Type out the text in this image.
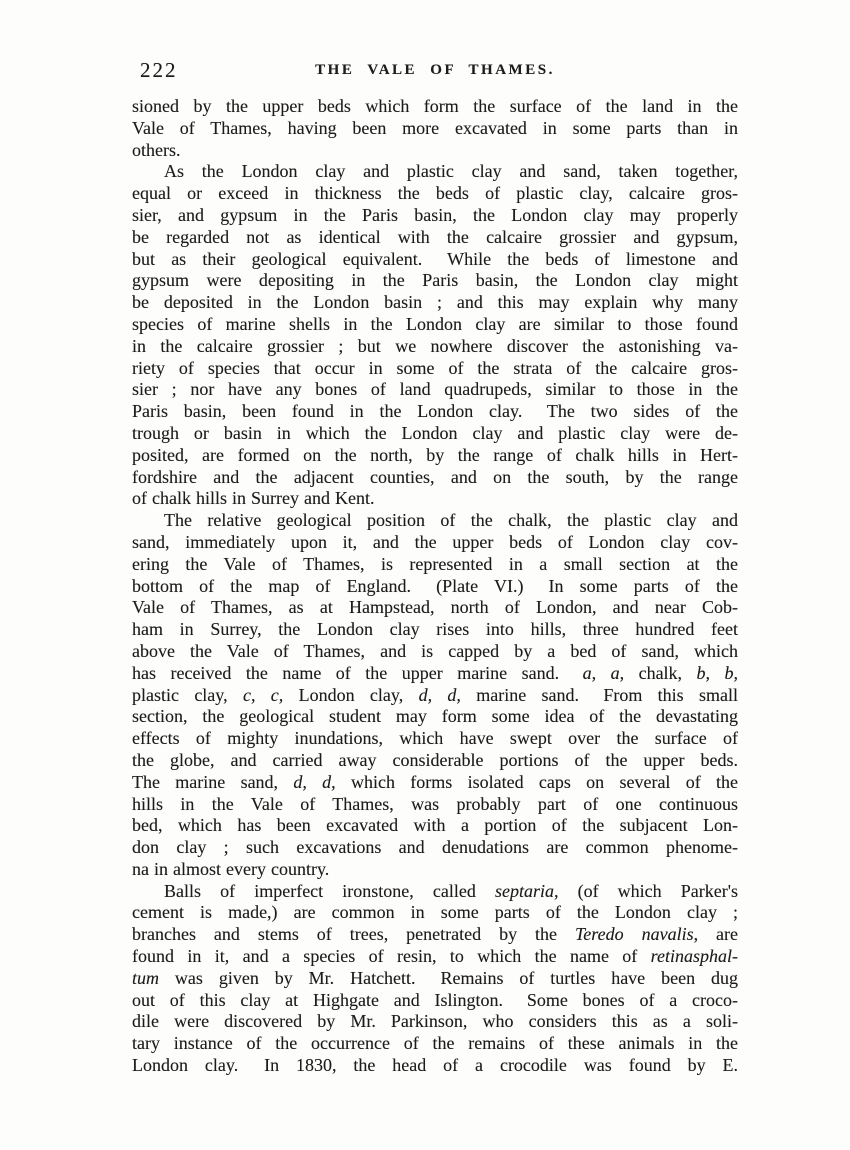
222	THE VALE OF THAMES.

sioned by the upper beds which form the surface of the land in the
Vale of Thames, having been more excavated in some parts than in
others.

As the London clay and plastic clay and sand, taken together,
equal or exceed in thickness the beds of plastic clay, calcaire gros-
sier, and gypsum in the Paris basin, the London clay may properly
be regarded not as identical with the calcaire grossier and gypsum,
but as their geological equivalent.  While the beds of limestone and
gypsum were depositing in the Paris basin, the London clay might
be deposited in the London basin ; and this may explain why many
species of marine shells in the London clay are similar to those found
in the calcaire grossier ; but we nowhere discover the astonishing va-
riety of species that occur in some of the strata of the calcaire gros-
sier ; nor have any bones of land quadrupeds, similar to those in the
Paris basin, been found in the London clay.  The two sides of the
trough or basin in which the London clay and plastic clay were de-
posited, are formed on the north, by the range of chalk hills in Hert-
fordshire and the adjacent counties, and on the south, by the range
of chalk hills in Surrey and Kent.

The relative geological position of the chalk, the plastic clay and
sand, immediately upon it, and the upper beds of London clay cov-
ering the Vale of Thames, is represented in a small section at the
bottom of the map of England.  (Plate VI.)  In some parts of the
Vale of Thames, as at Hampstead, north of London, and near Cob-
ham in Surrey, the London clay rises into hills, three hundred feet
above the Vale of Thames, and is capped by a bed of sand, which
has received the name of the upper marine sand.  a, a, chalk, b, b,
plastic clay, c, c, London clay, d, d, marine sand.  From this small
section, the geological student may form some idea of the devastating
effects of mighty inundations, which have swept over the surface of
the globe, and carried away considerable portions of the upper beds.
The marine sand, d, d, which forms isolated caps on several of the
hills in the Vale of Thames, was probably part of one continuous
bed, which has been excavated with a portion of the subjacent Lon-
don clay ; such excavations and denudations are common phenome-
na in almost every country.

Balls of imperfect ironstone, called septaria, (of which Parker's
cement is made,) are common in some parts of the London clay ;
branches and stems of trees, penetrated by the Teredo navalis, are
found in it, and a species of resin, to which the name of retinasphal-
tum was given by Mr. Hatchett.  Remains of turtles have been dug
out of this clay at Highgate and Islington.  Some bones of a croco-
dile were discovered by Mr. Parkinson, who considers this as a soli-
tary instance of the occurrence of the remains of these animals in the
London clay.  In 1830, the head of a crocodile was found by E.
